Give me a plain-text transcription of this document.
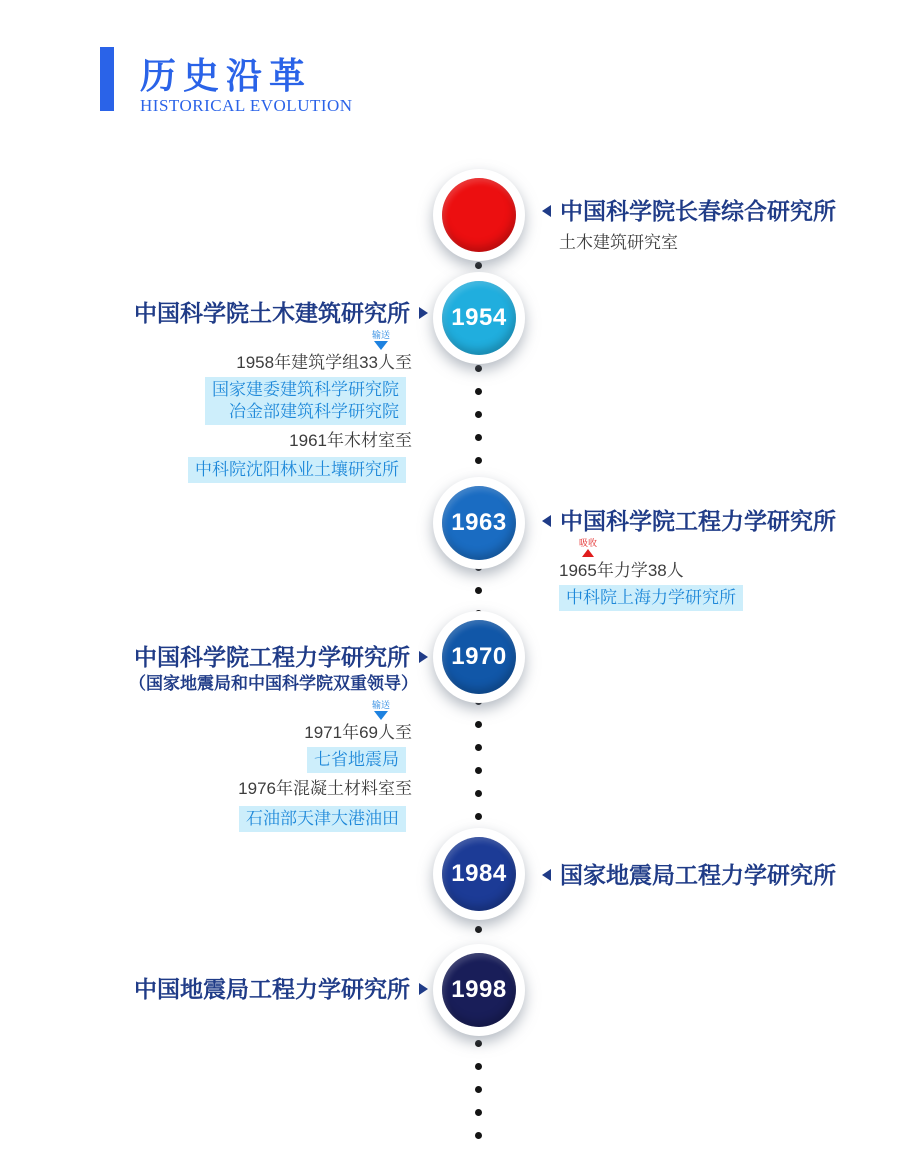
历史沿革
HISTORICAL EVOLUTION
1954
1963
1970
1984
1998
中国科学院长春综合研究所
土木建筑研究室
中国科学院土木建筑研究所
输送
1958年建筑学组33人至
国家建委建筑科学研究院
冶金部建筑科学研究院
1961年木材室至
中科院沈阳林业土壤研究所
中国科学院工程力学研究所
吸收
1965年力学38人
中科院上海力学研究所
中国科学院工程力学研究所
（国家地震局和中国科学院双重领导）
输送
1971年69人至
七省地震局
1976年混凝土材料室至
石油部天津大港油田
国家地震局工程力学研究所
中国地震局工程力学研究所
